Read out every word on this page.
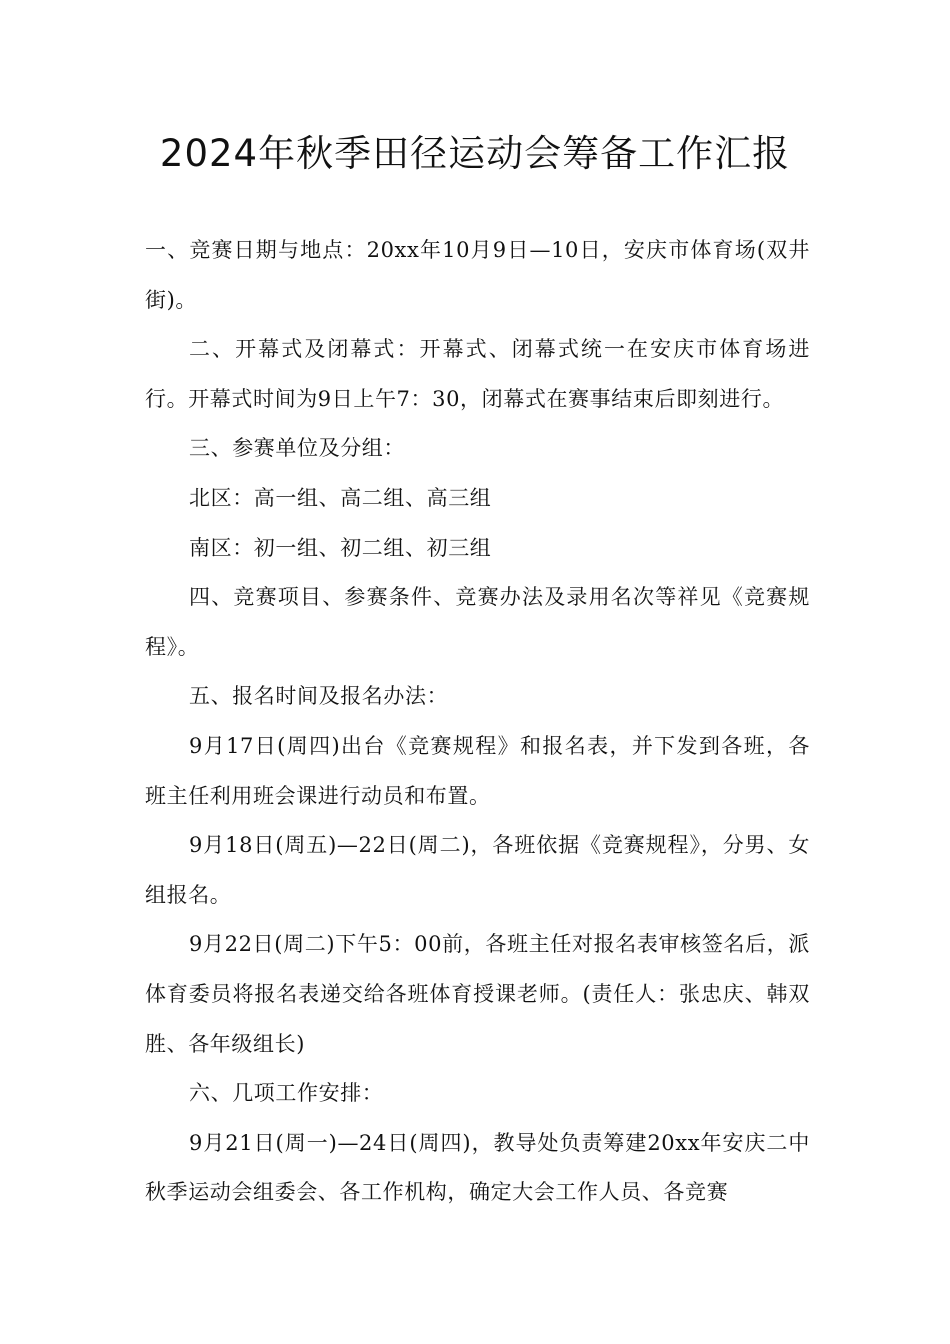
2024年秋季田径运动会筹备工作汇报

一、竞赛日期与地点：20xx年10月9日—10日，安庆市体育场(双井街)。

二、开幕式及闭幕式：开幕式、闭幕式统一在安庆市体育场进行。开幕式时间为9日上午7：30，闭幕式在赛事结束后即刻进行。

三、参赛单位及分组：

北区：高一组、高二组、高三组

南区：初一组、初二组、初三组

四、竞赛项目、参赛条件、竞赛办法及录用名次等祥见《竞赛规程》。

五、报名时间及报名办法：

9月17日(周四)出台《竞赛规程》和报名表，并下发到各班，各班主任利用班会课进行动员和布置。

9月18日(周五)—22日(周二)，各班依据《竞赛规程》，分男、女组报名。

9月22日(周二)下午5：00前，各班主任对报名表审核签名后，派体育委员将报名表递交给各班体育授课老师。(责任人：张忠庆、韩双胜、各年级组长)

六、几项工作安排：

9月21日(周一)—24日(周四)，教导处负责筹建20xx年安庆二中秋季运动会组委会、各工作机构，确定大会工作人员、各竞赛
